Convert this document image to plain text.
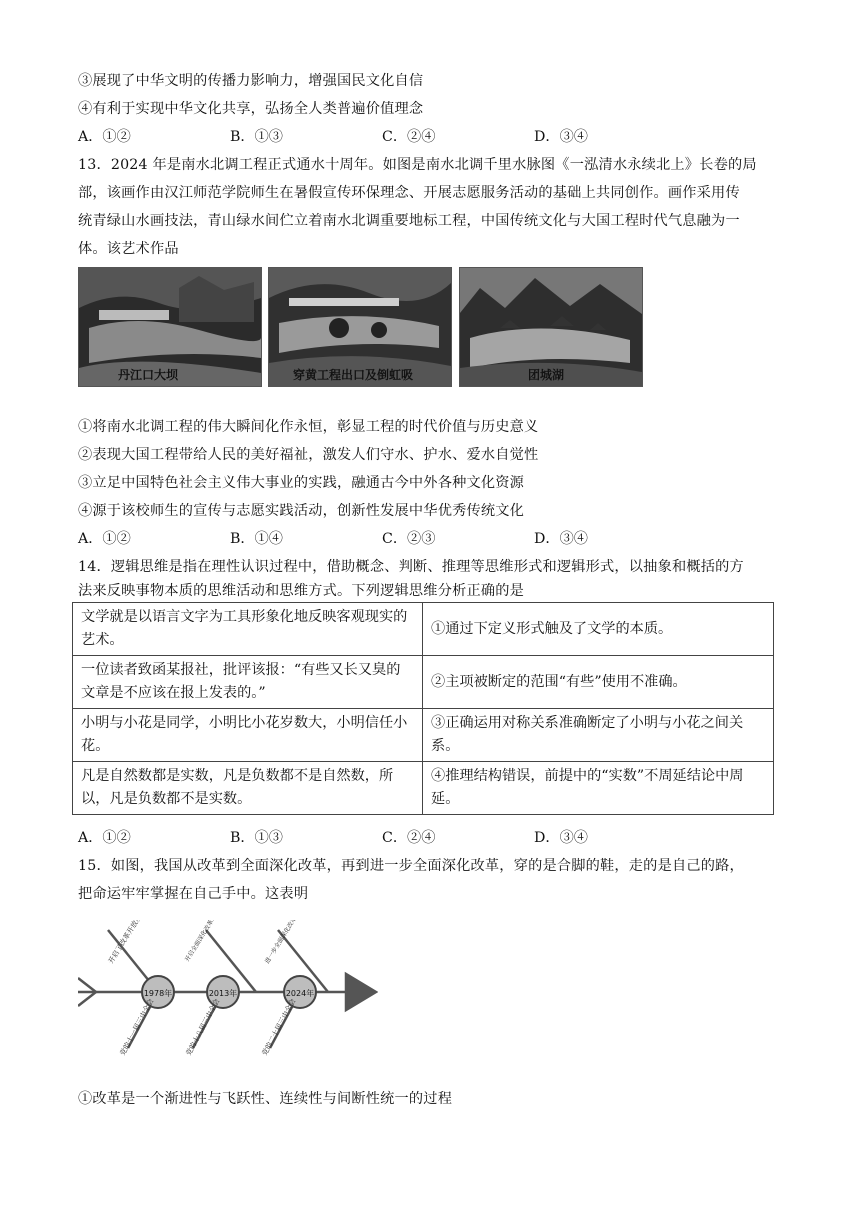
③展现了中华文明的传播力影响力，增强国民文化自信
④有利于实现中华文化共享，弘扬全人类普遍价值理念
A．①②	B．①③	C．②④	D．③④
13．2024 年是南水北调工程正式通水十周年。如图是南水北调千里水脉图《一泓清水永续北上》长卷的局
部，该画作由汉江师范学院师生在暑假宣传环保理念、开展志愿服务活动的基础上共同创作。画作采用传
统青绿山水画技法，青山绿水间伫立着南水北调重要地标工程，中国传统文化与大国工程时代气息融为一
体。该艺术作品
丹江口大坝	穿黄工程出口及倒虹吸	团城湖
①将南水北调工程的伟大瞬间化作永恒，彰显工程的时代价值与历史意义
②表现大国工程带给人民的美好福祉，激发人们守水、护水、爱水自觉性
③立足中国特色社会主义伟大事业的实践，融通古今中外各种文化资源
④源于该校师生的宣传与志愿实践活动，创新性发展中华优秀传统文化
A．①②	B．①④	C．②③	D．③④
14．逻辑思维是指在理性认识过程中，借助概念、判断、推理等思维形式和逻辑形式，以抽象和概括的方
法来反映事物本质的思维活动和思维方式。下列逻辑思维分析正确的是
文学就是以语言文字为工具形象化地反映客观现实的艺术。	①通过下定义形式触及了文学的本质。
一位读者致函某报社，批评该报：“有些又长又臭的文章是不应该在报上发表的。”	②主项被断定的范围“有些”使用不准确。
小明与小花是同学，小明比小花岁数大，小明信任小花。	③正确运用对称关系准确断定了小明与小花之间关系。
凡是自然数都是实数，凡是负数都不是自然数，所以，凡是负数都不是实数。	④推理结构错误，前提中的“实数”不周延结论中周延。
A．①②	B．①③	C．②④	D．③④
15．如图，我国从改革到全面深化改革，再到进一步全面深化改革，穿的是合脚的鞋，走的是自己的路，
把命运牢牢掌握在自己手中。这表明
1978年	2013年	2024年
开启了改革开放历史新时期
党的十一届三中全会	党的十八届三中全会	党的二十届三中全会
①改革是一个渐进性与飞跃性、连续性与间断性统一的过程
